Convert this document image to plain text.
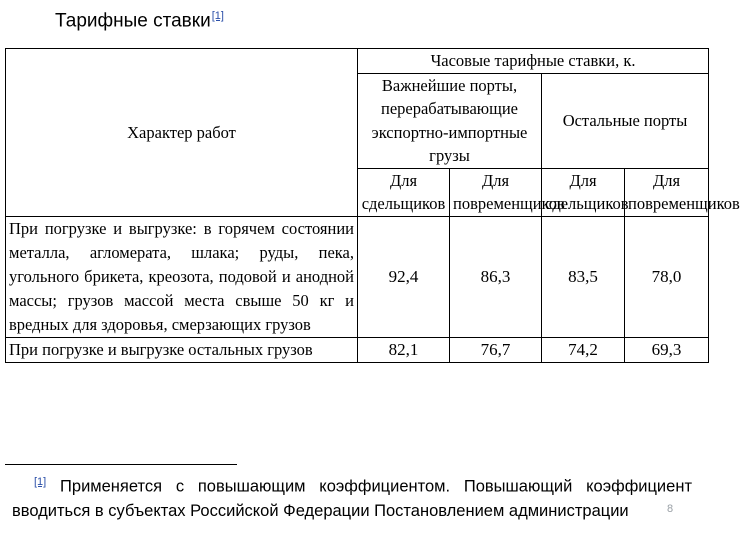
Тарифные ставки[1]
Характер работ	Часовые тарифные ставки, к.			
	Важнейшие порты, перерабатывающие экспортно-импортные грузы		Остальные порты	
	Для сдельщиков	Для повременщиков	Для сдельщиков	Для повременщиков
При погрузке и выгрузке: в горячем состоянии металла, агломерата, шлака; руды, пека, угольного брикета, креозота, подовой и анодной массы; грузов массой места свыше 50 кг и вредных для здоровья, смерзающих грузов	92,4	86,3	83,5	78,0
При погрузке и выгрузке остальных грузов	82,1	76,7	74,2	69,3
[1] Применяется с повышающим коэффициентом. Повышающий коэффициент вводиться в субъектах Российской Федерации Постановлением администрации	8
